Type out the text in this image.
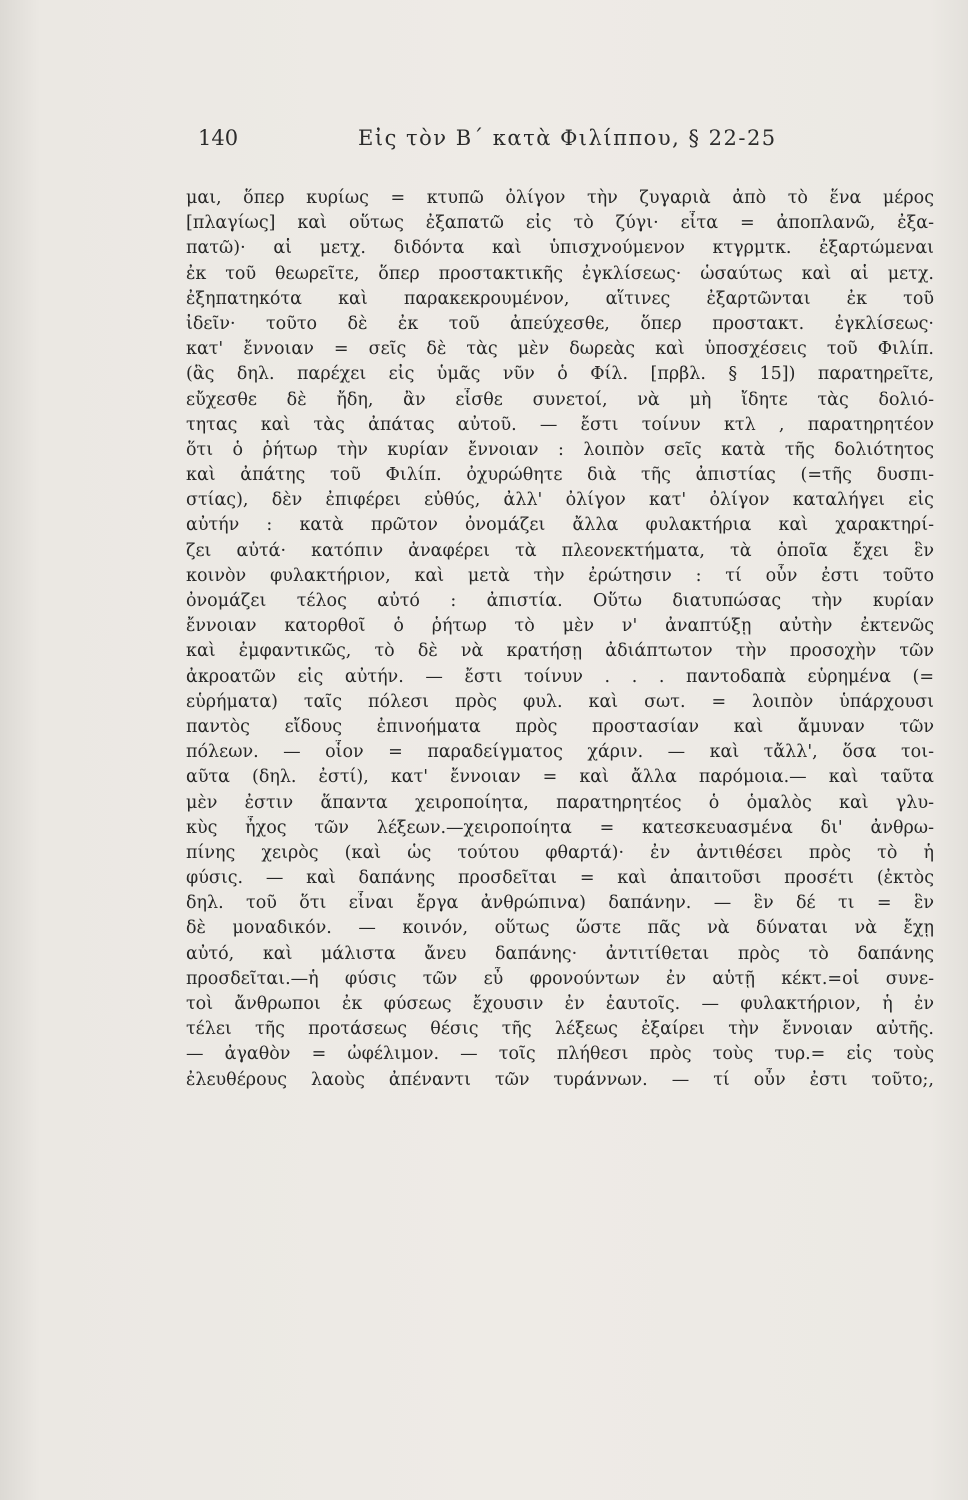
140	Εἰς τὸν Β΄ κατὰ Φιλίππου, § 22-25
μαι, ὅπερ κυρίως = κτυπῶ ὀλίγον τὴν ζυγαριὰ ἀπὸ τὸ ἕνα μέρος
[πλαγίως] καὶ οὕτως ἐξαπατῶ εἰς τὸ ζύγι· εἶτα = ἀποπλανῶ, ἐξα-
πατῶ)· αἱ μετχ. διδόντα καὶ ὑπισχνούμενον κτγρμτκ. ἐξαρτώμεναι
ἐκ τοῦ θεωρεῖτε, ὅπερ προστακτικῆς ἐγκλίσεως· ὡσαύτως καὶ αἱ μετχ.
ἐξηπατηκότα καὶ παρακεκρουμένον, αἵτινες ἐξαρτῶνται ἐκ τοῦ
ἰδεῖν· τοῦτο δὲ ἐκ τοῦ ἀπεύχεσθε, ὅπερ προστακτ. ἐγκλίσεως·
κατ' ἔννοιαν = σεῖς δὲ τὰς μὲν δωρεὰς καὶ ὑποσχέσεις τοῦ Φιλίπ.
(ἃς δηλ. παρέχει εἰς ὑμᾶς νῦν ὁ Φίλ. [πρβλ. § 15]) παρατηρεῖτε,
εὔχεσθε δὲ ἤδη, ἂν εἶσθε συνετοί, νὰ μὴ ἴδητε τὰς δολιό-
τητας καὶ τὰς ἀπάτας αὐτοῦ. — ἔστι τοίνυν κτλ , παρατηρητέον
ὅτι ὁ ῥήτωρ τὴν κυρίαν ἔννοιαν : λοιπὸν σεῖς κατὰ τῆς δολιότητος
καὶ ἀπάτης τοῦ Φιλίπ. ὀχυρώθητε διὰ τῆς ἀπιστίας (=τῆς δυσπι-
στίας), δὲν ἐπιφέρει εὐθύς, ἀλλ' ὀλίγον κατ' ὀλίγον καταλήγει εἰς
αὐτήν : κατὰ πρῶτον ὀνομάζει ἄλλα φυλακτήρια καὶ χαρακτηρί-
ζει αὐτά· κατόπιν ἀναφέρει τὰ πλεονεκτήματα, τὰ ὁποῖα ἔχει ἓν
κοινὸν φυλακτήριον, καὶ μετὰ τὴν ἐρώτησιν : τί οὖν ἐστι τοῦτο
ὀνομάζει τέλος αὐτό : ἀπιστία. Οὕτω διατυπώσας τὴν κυρίαν
ἔννοιαν κατορθοῖ ὁ ῥήτωρ τὸ μὲν ν' ἀναπτύξῃ αὐτὴν ἐκτενῶς
καὶ ἐμφαντικῶς, τὸ δὲ νὰ κρατήσῃ ἀδιάπτωτον τὴν προσοχὴν τῶν
ἀκροατῶν εἰς αὐτήν. — ἔστι τοίνυν . . . παντοδαπὰ εὑρημένα (=
εὑρήματα) ταῖς πόλεσι πρὸς φυλ. καὶ σωτ. = λοιπὸν ὑπάρχουσι
παντὸς εἴδους ἐπινοήματα πρὸς προστασίαν καὶ ἄμυναν τῶν
πόλεων. — οἷον = παραδείγματος χάριν. — καὶ τἄλλ', ὅσα τοι-
αῦτα (δηλ. ἐστί), κατ' ἔννοιαν = καὶ ἄλλα παρόμοια.— καὶ ταῦτα
μὲν ἐστιν ἅπαντα χειροποίητα, παρατηρητέος ὁ ὁμαλὸς καὶ γλυ-
κὺς ἦχος τῶν λέξεων.—χειροποίητα = κατεσκευασμένα δι' ἀνθρω-
πίνης χειρὸς (καὶ ὡς τούτου φθαρτά)· ἐν ἀντιθέσει πρὸς τὸ ἡ
φύσις. — καὶ δαπάνης προσδεῖται = καὶ ἀπαιτοῦσι προσέτι (ἐκτὸς
δηλ. τοῦ ὅτι εἶναι ἔργα ἀνθρώπινα) δαπάνην. — ἓν δέ τι = ἓν
δὲ μοναδικόν. — κοινόν, οὕτως ὥστε πᾶς νὰ δύναται νὰ ἔχῃ
αὐτό, καὶ μάλιστα ἄνευ δαπάνης· ἀντιτίθεται πρὸς τὸ δαπάνης
προσδεῖται.—ἡ φύσις τῶν εὖ φρονούντων ἐν αὑτῇ κέκτ.=οἱ συνε-
τοὶ ἄνθρωποι ἐκ φύσεως ἔχουσιν ἐν ἑαυτοῖς. — φυλακτήριον, ἡ ἐν
τέλει τῆς προτάσεως θέσις τῆς λέξεως ἐξαίρει τὴν ἔννοιαν αὐτῆς.
— ἀγαθὸν = ὠφέλιμον. — τοῖς πλήθεσι πρὸς τοὺς τυρ.= εἰς τοὺς
ἐλευθέρους λαοὺς ἀπέναντι τῶν τυράννων. — τί οὖν ἐστι τοῦτο;,
